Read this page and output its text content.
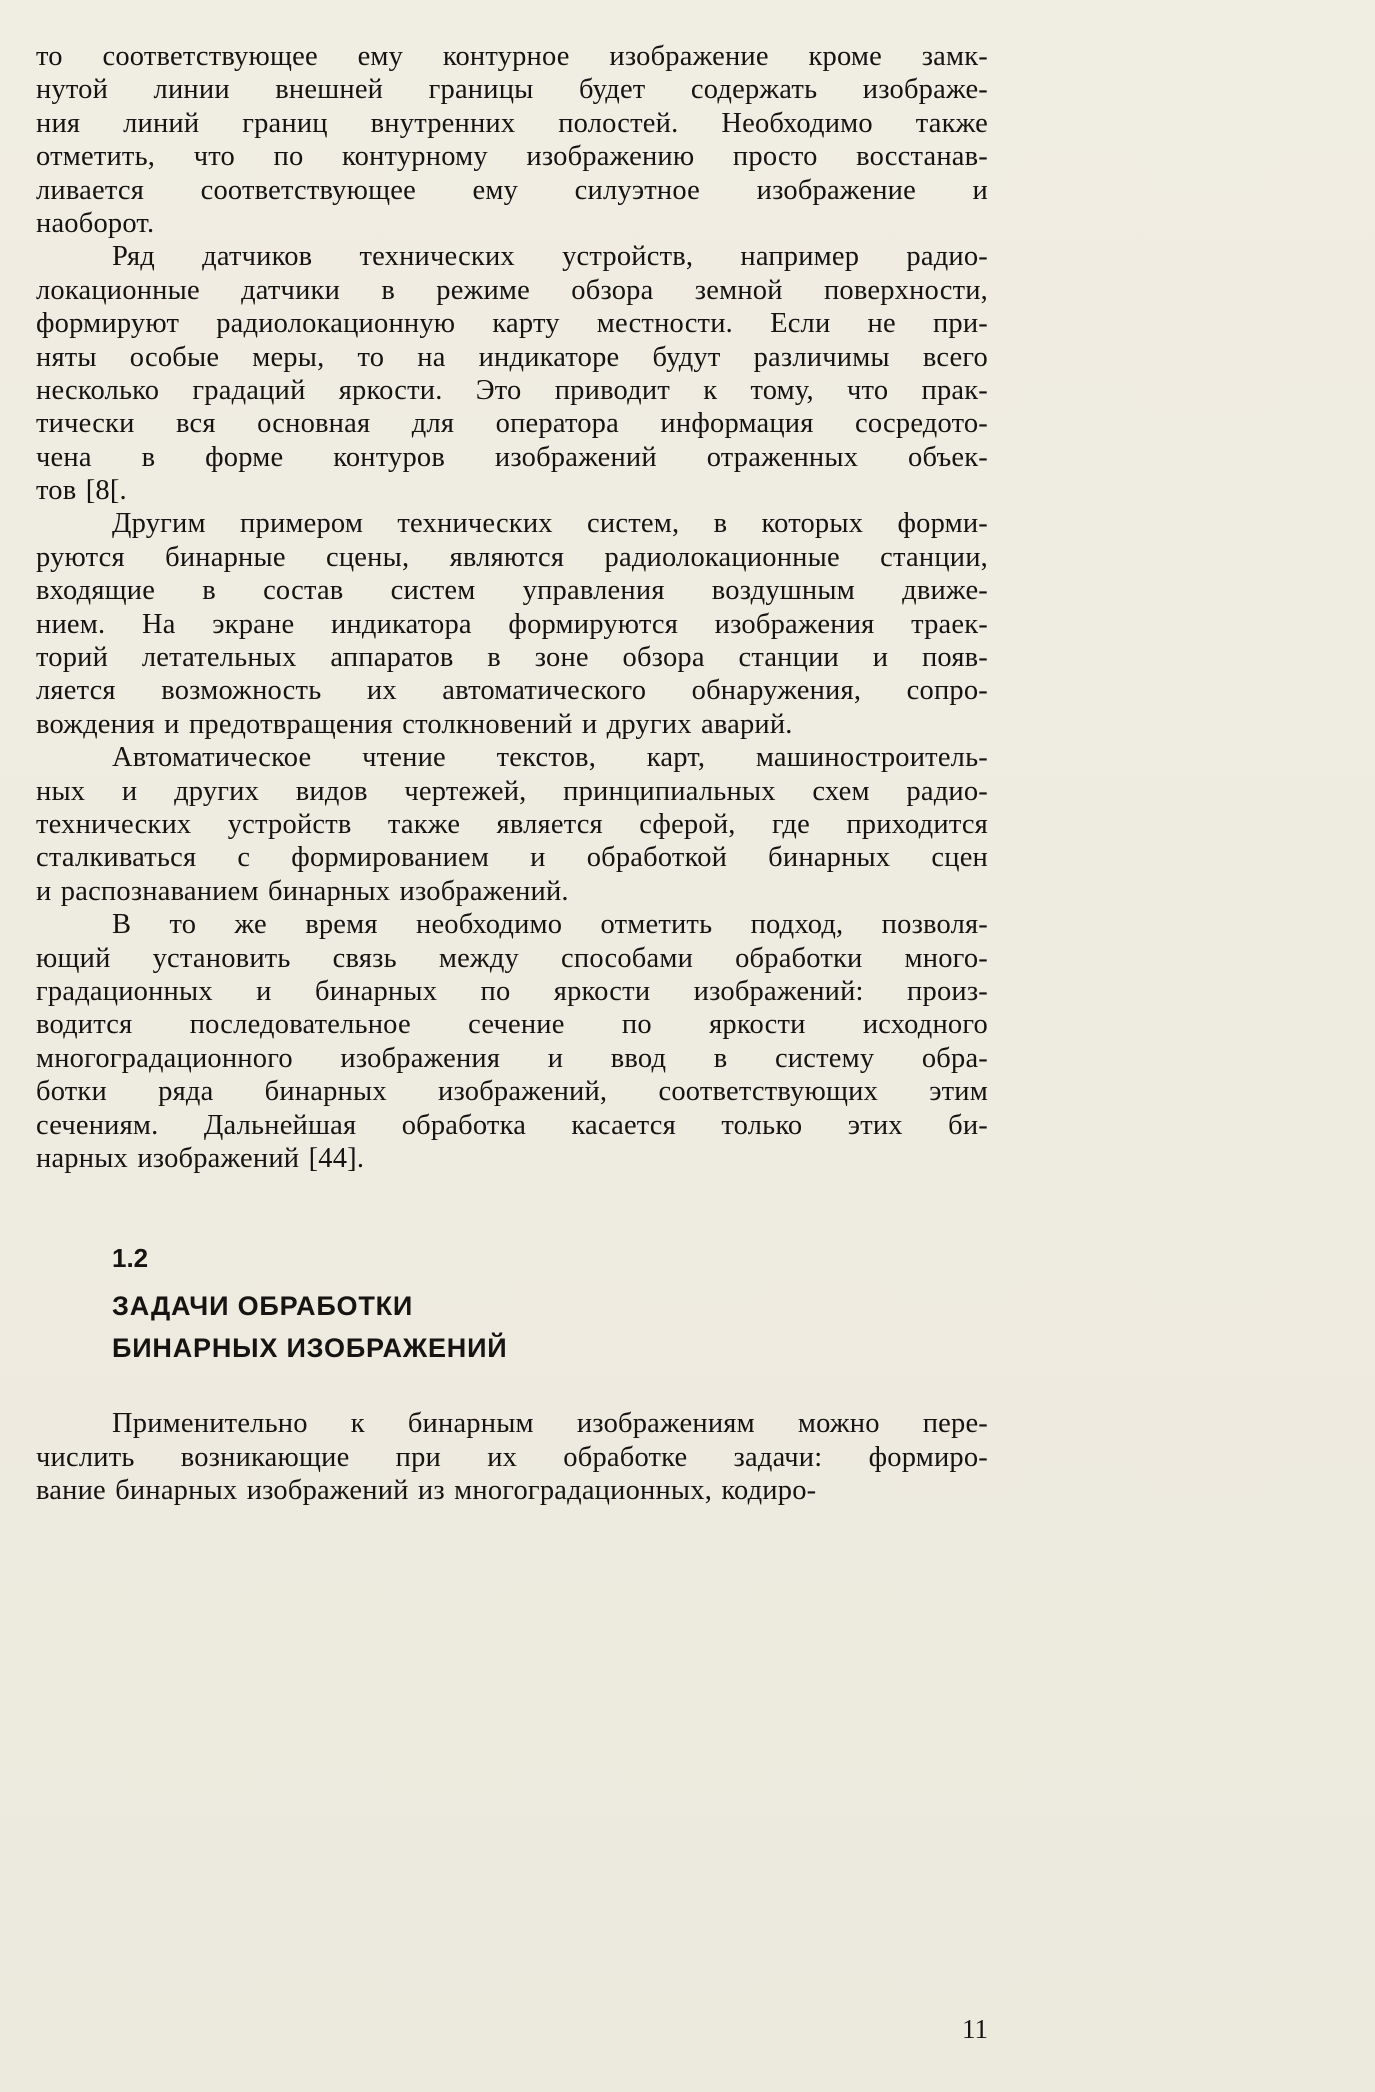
то соответствующее ему контурное изображение кроме замк-
нутой линии внешней границы будет содержать изображе-
ния линий границ внутренних полостей. Необходимо также
отметить, что по контурному изображению просто восстанав-
ливается соответствующее ему силуэтное изображение и
наоборот.
Ряд датчиков технических устройств, например радио-
локационные датчики в режиме обзора земной поверхности,
формируют радиолокационную карту местности. Если не при-
няты особые меры, то на индикаторе будут различимы всего
несколько градаций яркости. Это приводит к тому, что прак-
тически вся основная для оператора информация сосредото-
чена в форме контуров изображений отраженных объек-
тов [8[.
Другим примером технических систем, в которых форми-
руются бинарные сцены, являются радиолокационные станции,
входящие в состав систем управления воздушным движе-
нием. На экране индикатора формируются изображения траек-
торий летательных аппаратов в зоне обзора станции и появ-
ляется возможность их автоматического обнаружения, сопро-
вождения и предотвращения столкновений и других аварий.
Автоматическое чтение текстов, карт, машиностроитель-
ных и других видов чертежей, принципиальных схем радио-
технических устройств также является сферой, где приходится
сталкиваться с формированием и обработкой бинарных сцен
и распознаванием бинарных изображений.
В то же время необходимо отметить подход, позволя-
ющий установить связь между способами обработки много-
градационных и бинарных по яркости изображений: произ-
водится последовательное сечение по яркости исходного
многоградационного изображения и ввод в систему обра-
ботки ряда бинарных изображений, соответствующих этим
сечениям. Дальнейшая обработка касается только этих би-
нарных изображений [44].
1.2
ЗАДАЧИ ОБРАБОТКИ
БИНАРНЫХ ИЗОБРАЖЕНИЙ
Применительно к бинарным изображениям можно пере-
числить возникающие при их обработке задачи: формиро-
вание бинарных изображений из многоградационных, кодиро-
11
